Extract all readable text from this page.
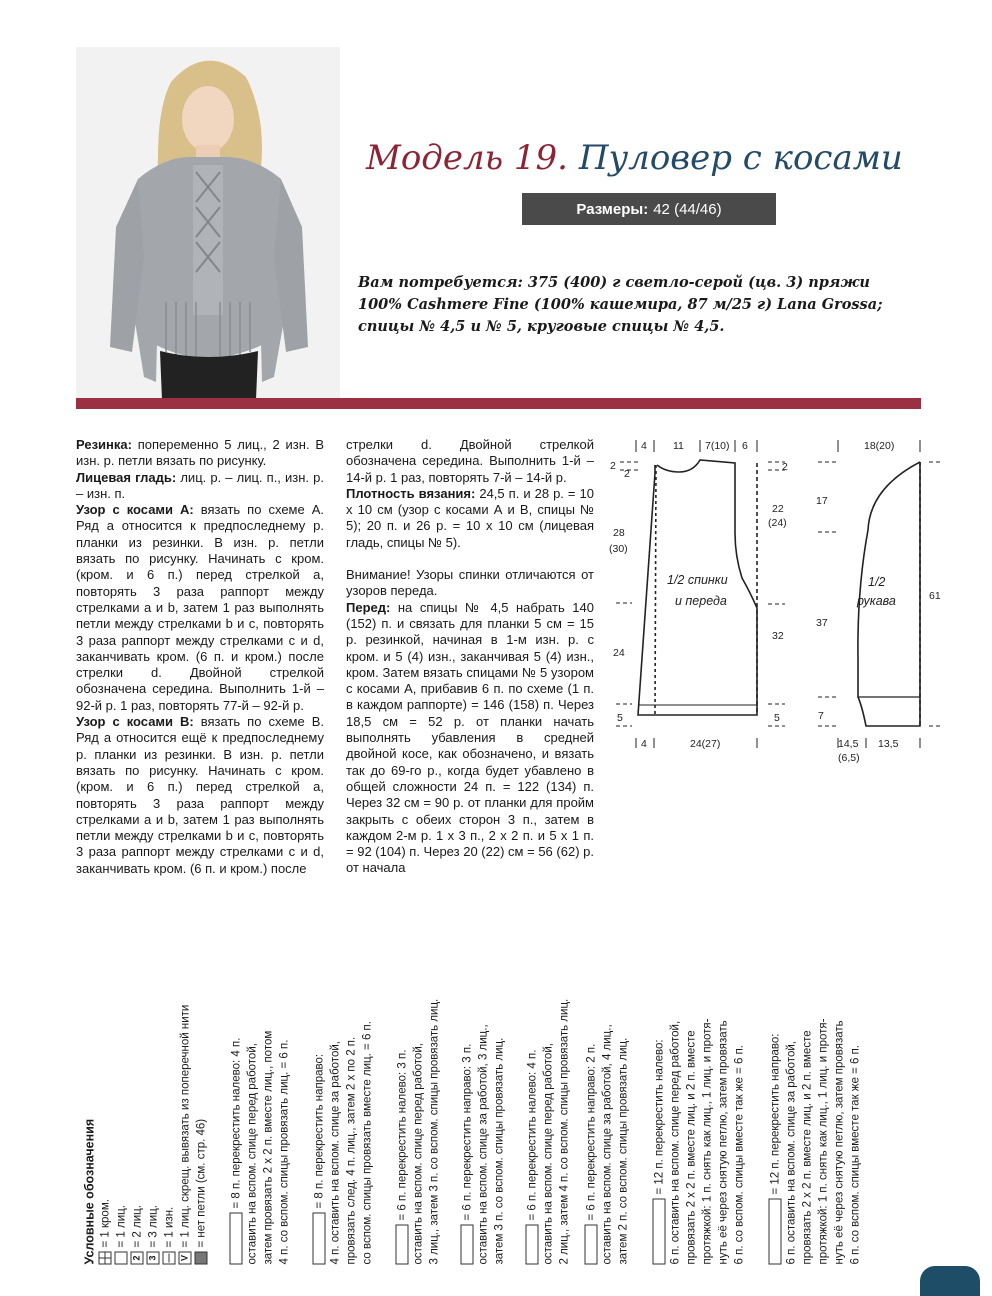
Модель 19. Пуловер с косами
Размеры: 42 (44/46)
Вам потребуется: 375 (400) г светло-серой (цв. 3) пряжи 100% Cashmere Fine (100% кашемира, 87 м/25 г) Lana Grossa; спицы № 4,5 и № 5, круговые спицы № 4,5.

Резинка: попеременно 5 лиц., 2 изн. В изн. р. петли вязать по рисунку.

Лицевая гладь: лиц. р. – лиц. п., изн. р. – изн. п.

Узор с косами А: вязать по схеме А. Ряд а относится к предпоследнему р. планки из резинки. В изн. р. петли вязать по рисунку. Начинать с кром. (кром. и 6 п.) перед стрелкой а, повторять 3 раза раппорт между стрелками а и b, затем 1 раз выполнять петли между стрелками b и с, повторять 3 раза раппорт между стрелками с и d, заканчивать кром. (6 п. и кром.) после стрелки d. Двойной стрелкой обозначена середина. Выполнить 1-й – 92-й р. 1 раз, повторять 77-й – 92-й р.

Узор с косами В: вязать по схеме В. Ряд а относится ещё к предпоследнему р. планки из резинки. В изн. р. петли вязать по рисунку. Начинать с кром. (кром. и 6 п.) перед стрелкой а, повторять 3 раза раппорт между стрелками а и b, затем 1 раз выполнять петли между стрелками b и с, повторять 3 раза раппорт между стрелками с и d, заканчивать кром. (6 п. и кром.) после

стрелки d. Двойной стрелкой обозначена середина. Выполнить 1-й – 14-й р. 1 раз, повторять 7-й – 14-й р.

Плотность вязания: 24,5 п. и 28 р. = 10 х 10 см (узор с косами А и В, спицы № 5); 20 п. и 26 р. = 10 х 10 см (лицевая гладь, спицы № 5).

Внимание! Узоры спинки отличаются от узоров переда.

Перед: на спицы № 4,5 набрать 140 (152) п. и связать для планки 5 см = 15 р. резинкой, начиная в 1-м изн. р. с кром. и 5 (4) изн., заканчивая 5 (4) изн., кром. Затем вязать спицами № 5 узором с косами А, прибавив 6 п. по схеме (1 п. в каждом раппорте) = 146 (158) п. Через 18,5 см = 52 р. от планки начать выполнять убавления в средней двойной косе, как обозначено, и вязать так до 69-го р., когда будет убавлено в общей сложности 24 п. = 122 (134) п. Через 32 см = 90 р. от планки для пройм закрыть с обеих сторон 3 п., затем в каждом 2-м р. 1 х 3 п., 2 х 2 п. и 5 х 1 п. = 92 (104) п. Через 20 (22) см = 56 (62) р. от начала

4 11 7(10) 6
2
2
2
28
(30)
24
5
22
(24)
32
5
4	24(27)
1/2 спинки
и переда
18(20)
17
37
7
61
14,5
(6,5)
13,5
1/2
рукава
Условные обозначения = 1 кром. = 1 лиц.
2= 2 лиц.
3= 3 лиц. = 1 изн.
V= 1 лиц. скрещ. вывязать из поперечной нити = нет петли (см. стр. 46) = 8 п. перекрестить налево: 4 п. оставить на вспом. спице перед работой, затем провязать 2 х 2 п. вместе лиц., потом 4 п. со вспом. спицы провязать лиц. = 6 п. = 8 п. перекрестить направо: 4 п. оставить на вспом. спице за работой, провязать след. 4 п. лиц., затем 2 х по 2 п. со вспом. спицы провязать вместе лиц. = 6 п. = 6 п. перекрестить налево: 3 п. оставить на вспом. спице перед работой, 3 лиц., затем 3 п. со вспом. спицы провязать лиц. = 6 п. перекрестить направо: 3 п. оставить на вспом. спице за работой, 3 лиц., затем 3 п. со вспом. спицы провязать лиц. = 6 п. перекрестить налево: 4 п. оставить на вспом. спице перед работой, 2 лиц., затем 4 п. со вспом. спицы провязать лиц. = 6 п. перекрестить направо: 2 п. оставить на вспом. спице за работой, 4 лиц., затем 2 п. со вспом. спицы провязать лиц. = 12 п. перекрестить налево: 6 п. оставить на вспом. спице перед работой, провязать 2 х 2 п. вместе лиц. и 2 п. вместе протяжкой: 1 п. снять как лиц., 1 лиц. и протя- нуть её через снятую петлю, затем провязать 6 п. со вспом. спицы вместе так же = 6 п. = 12 п. перекрестить направо: 6 п. оставить на вспом. спице за работой, провязать 2 х 2 п. вместе лиц. и 2 п. вместе протяжкой: 1 п. снять как лиц., 1 лиц. и протя- нуть её через снятую петлю, затем провязать 6 п. со вспом. спицы вместе так же = 6 п.
